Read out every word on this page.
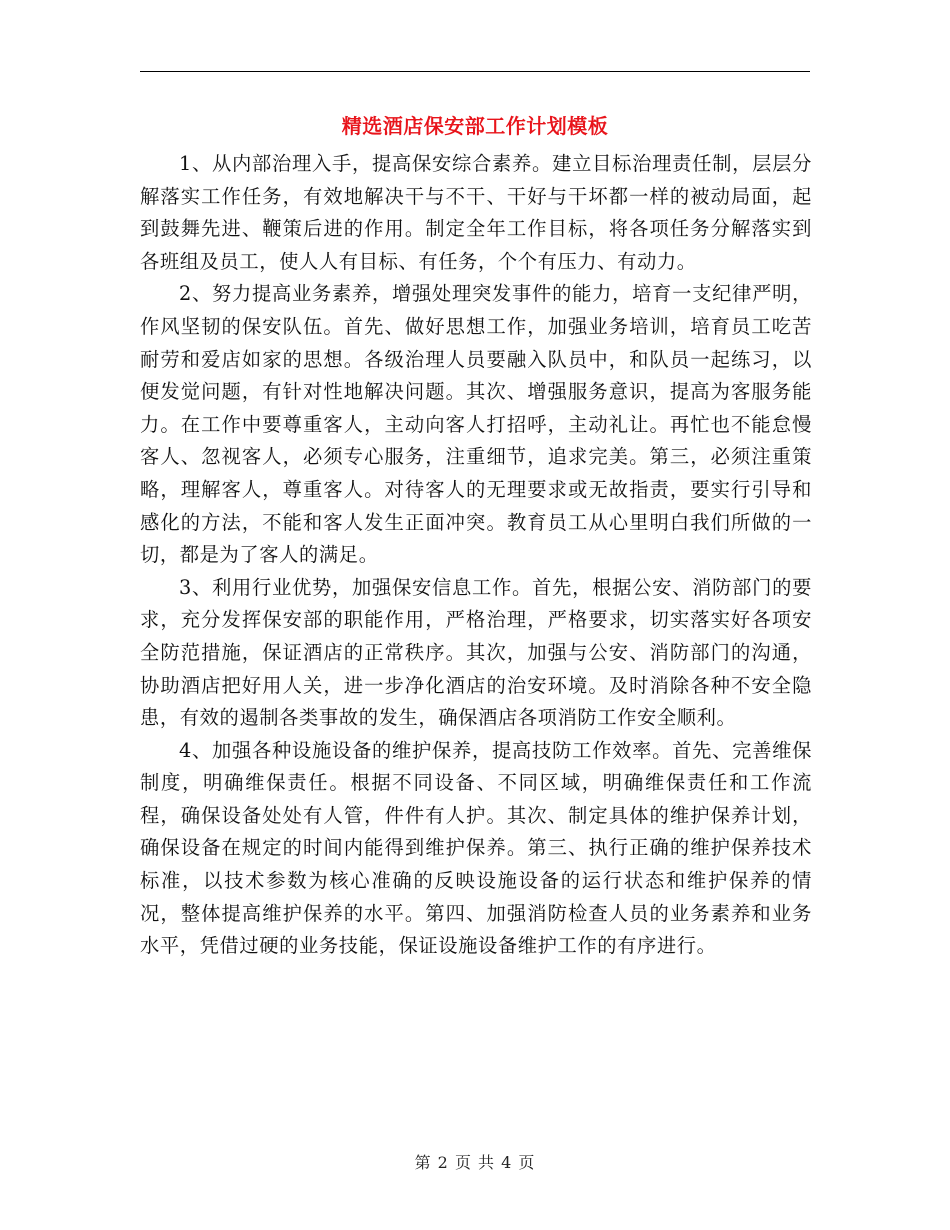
精选酒店保安部工作计划模板

1、从内部治理入手，提高保安综合素养。建立目标治理责任制，层层分解落实工作任务，有效地解决干与不干、干好与干坏都一样的被动局面，起到鼓舞先进、鞭策后进的作用。制定全年工作目标，将各项任务分解落实到各班组及员工，使人人有目标、有任务，个个有压力、有动力。

2、努力提高业务素养，增强处理突发事件的能力，培育一支纪律严明，作风坚韧的保安队伍。首先、做好思想工作，加强业务培训，培育员工吃苦耐劳和爱店如家的思想。各级治理人员要融入队员中，和队员一起练习，以便发觉问题，有针对性地解决问题。其次、增强服务意识，提高为客服务能力。在工作中要尊重客人，主动向客人打招呼，主动礼让。再忙也不能怠慢客人、忽视客人，必须专心服务，注重细节，追求完美。第三，必须注重策略，理解客人，尊重客人。对待客人的无理要求或无故指责，要实行引导和感化的方法，不能和客人发生正面冲突。教育员工从心里明白我们所做的一切，都是为了客人的满足。

3、利用行业优势，加强保安信息工作。首先，根据公安、消防部门的要求，充分发挥保安部的职能作用，严格治理，严格要求，切实落实好各项安全防范措施，保证酒店的正常秩序。其次，加强与公安、消防部门的沟通，协助酒店把好用人关，进一步净化酒店的治安环境。及时消除各种不安全隐患，有效的遏制各类事故的发生，确保酒店各项消防工作安全顺利。

4、加强各种设施设备的维护保养，提高技防工作效率。首先、完善维保制度，明确维保责任。根据不同设备、不同区域，明确维保责任和工作流程，确保设备处处有人管，件件有人护。其次、制定具体的维护保养计划，确保设备在规定的时间内能得到维护保养。第三、执行正确的维护保养技术标准，以技术参数为核心准确的反映设施设备的运行状态和维护保养的情况，整体提高维护保养的水平。第四、加强消防检查人员的业务素养和业务水平，凭借过硬的业务技能，保证设施设备维护工作的有序进行。

第 2 页 共 4 页
